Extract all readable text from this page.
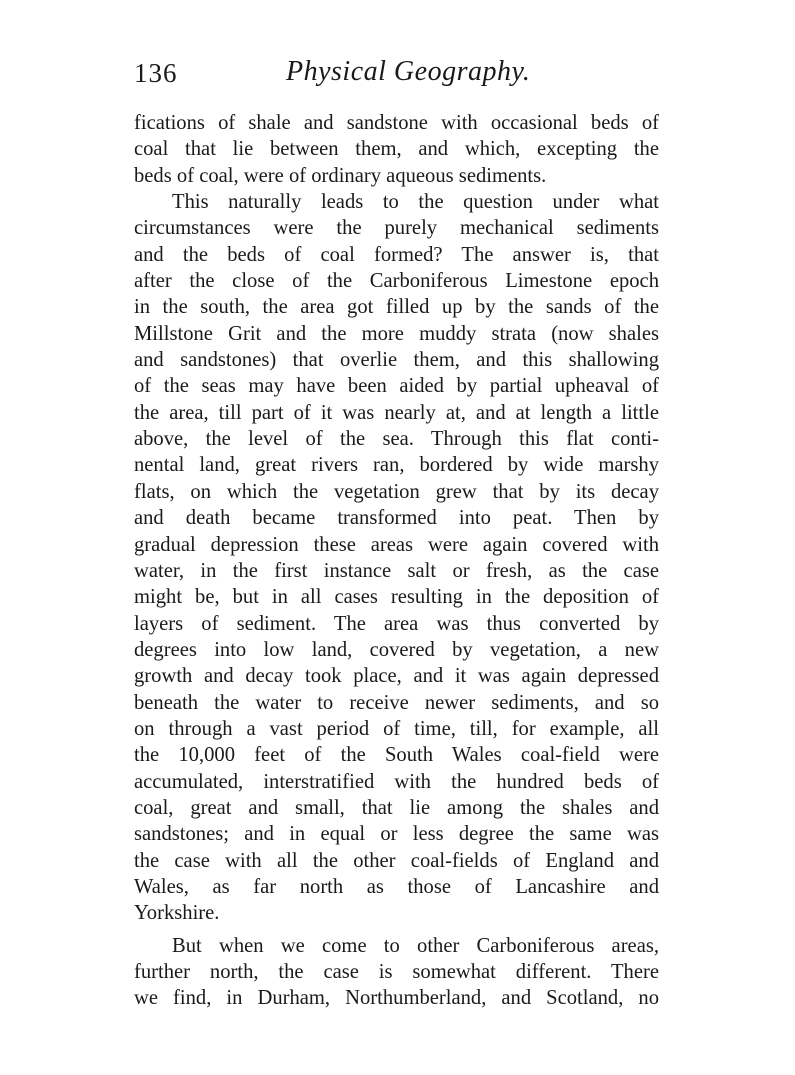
136	Physical Geography.

fications of shale and sandstone with occasional beds of
coal that lie between them, and which, excepting the
beds of coal, were of ordinary aqueous sediments.

This naturally leads to the question under what
circumstances were the purely mechanical sediments
and the beds of coal formed? The answer is, that
after the close of the Carboniferous Limestone epoch
in the south, the area got filled up by the sands of the
Millstone Grit and the more muddy strata (now shales
and sandstones) that overlie them, and this shallowing
of the seas may have been aided by partial upheaval of
the area, till part of it was nearly at, and at length a little
above, the level of the sea. Through this flat conti-
nental land, great rivers ran, bordered by wide marshy
flats, on which the vegetation grew that by its decay
and death became transformed into peat. Then by
gradual depression these areas were again covered with
water, in the first instance salt or fresh, as the case
might be, but in all cases resulting in the deposition of
layers of sediment. The area was thus converted by
degrees into low land, covered by vegetation, a new
growth and decay took place, and it was again depressed
beneath the water to receive newer sediments, and so
on through a vast period of time, till, for example, all
the 10,000 feet of the South Wales coal-field were
accumulated, interstratified with the hundred beds of
coal, great and small, that lie among the shales and
sandstones; and in equal or less degree the same was
the case with all the other coal-fields of England and
Wales, as far north as those of Lancashire and
Yorkshire.

But when we come to other Carboniferous areas,
further north, the case is somewhat different. There
we find, in Durham, Northumberland, and Scotland, no
